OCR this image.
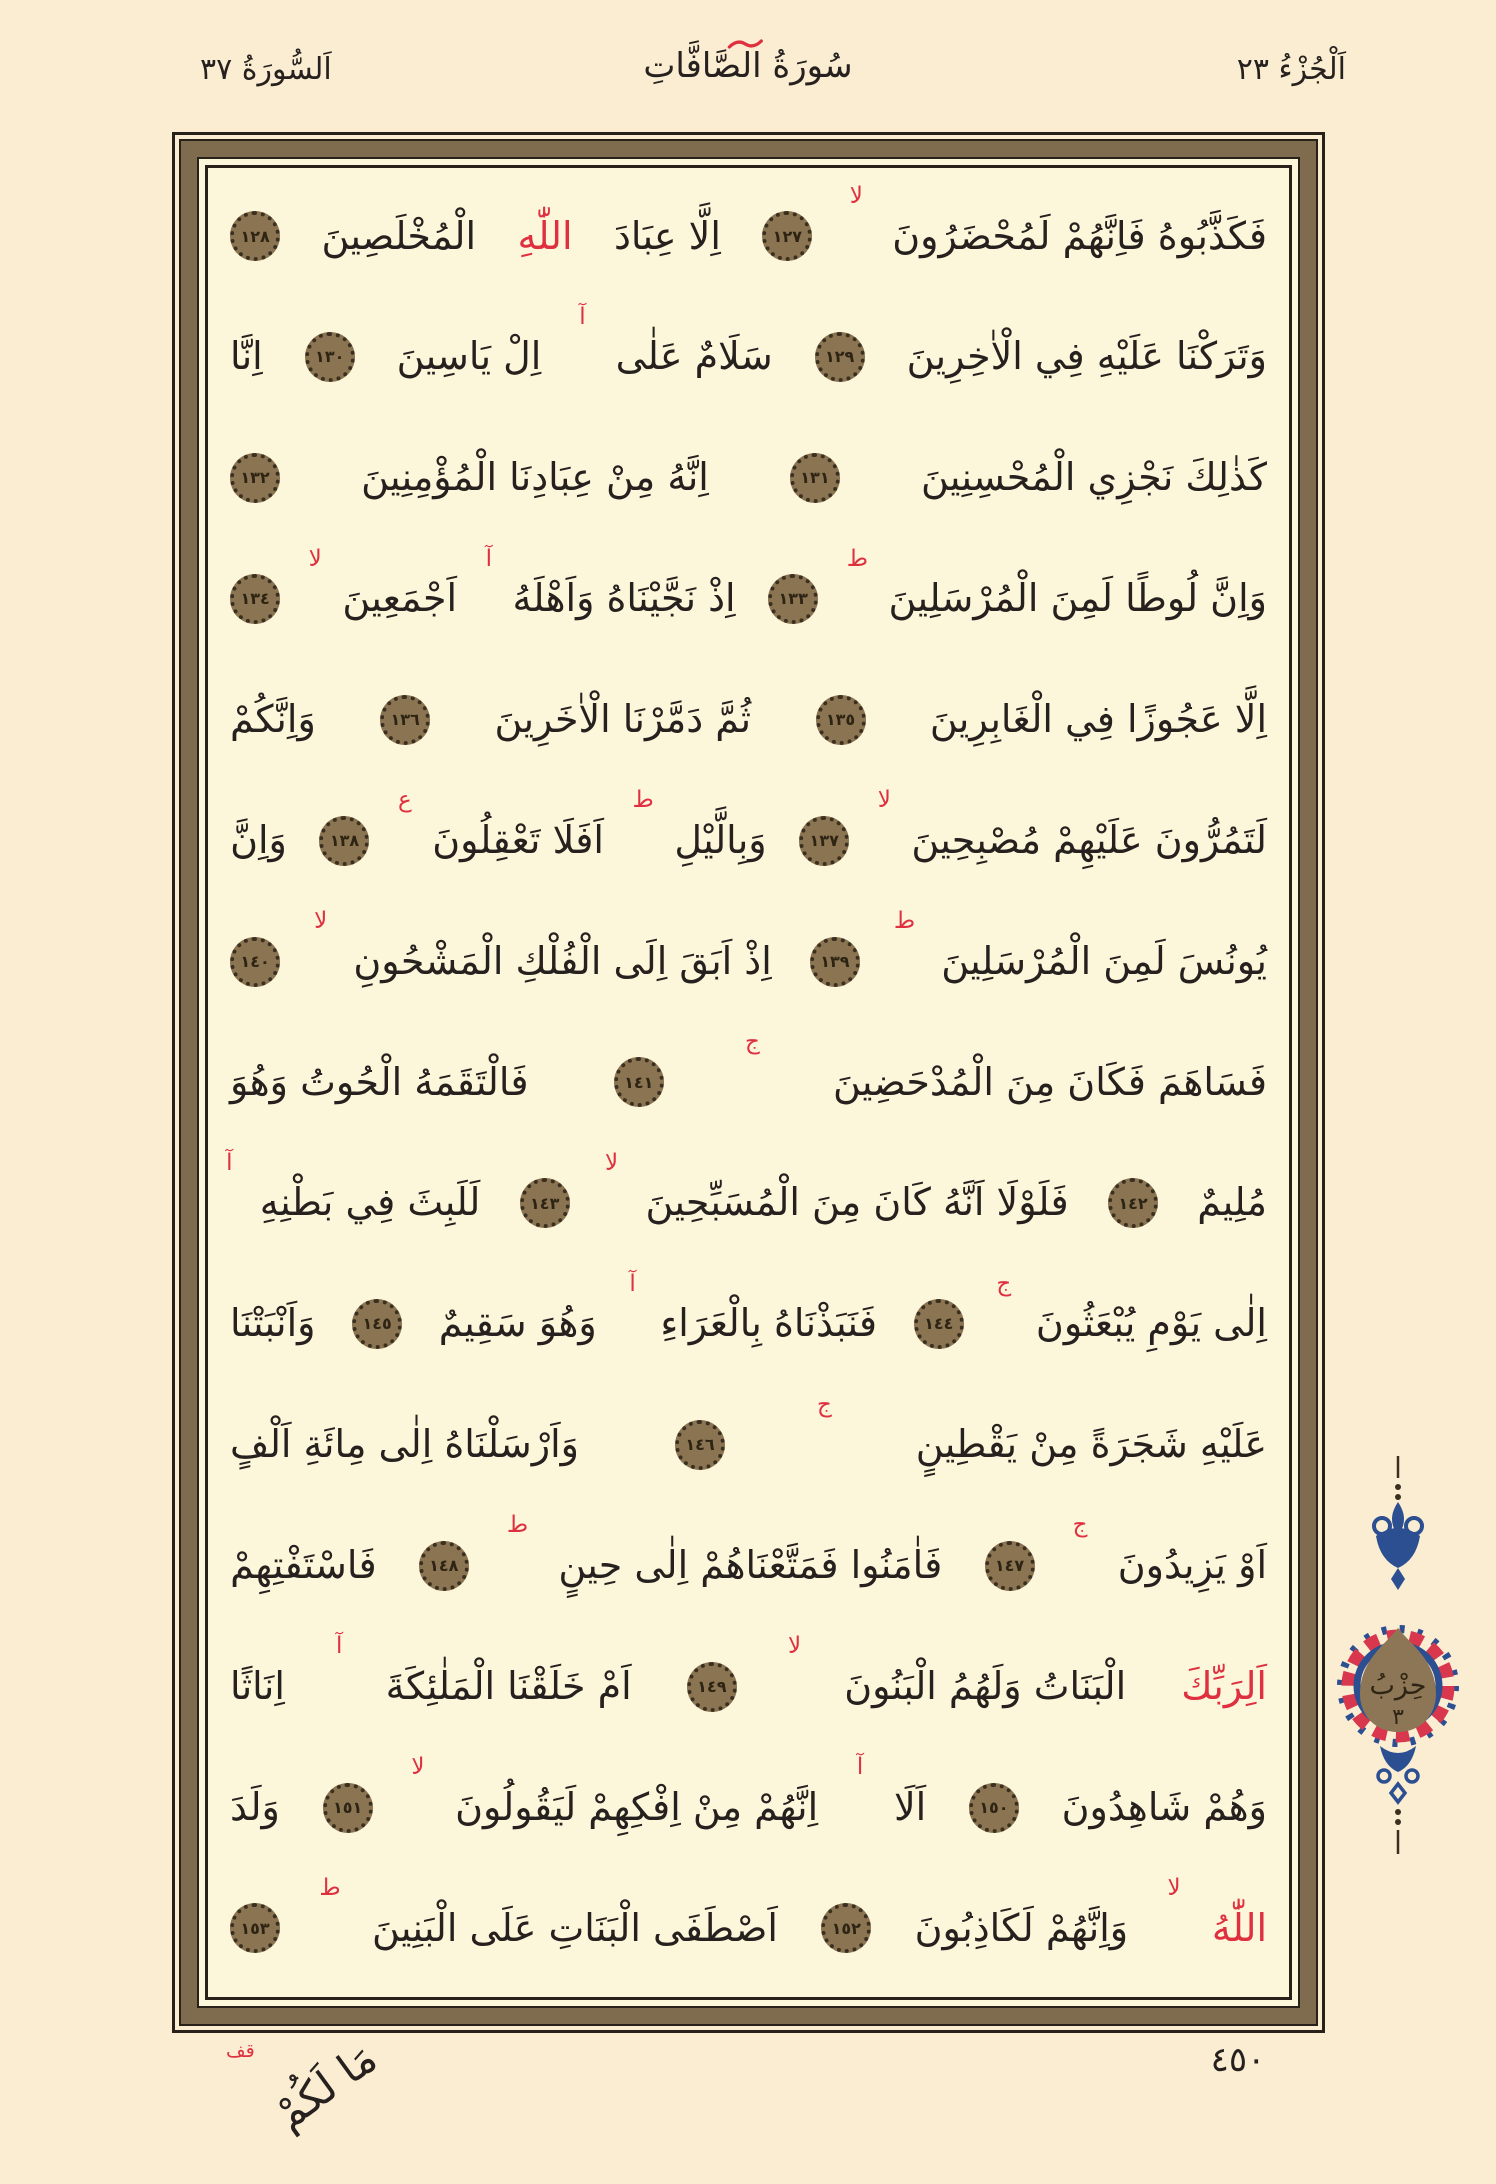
اَلسُّورَةُ ٣٧	سُورَةُ الصَّافَّاتِ	اَلْجُزْءُ ٢٣
فَكَذَّبُوهُ فَاِنَّهُمْ لَمُحْضَرُونَ
لا
١٢٧
اِلَّا عِبَادَ
اللّٰهِ
الْمُخْلَصِينَ
١٢٨
وَتَرَكْنَا عَلَيْهِ فِي الْاٰخِرِينَ
١٢٩
سَلَامٌ عَلٰى
آ
اِلْ يَاسِينَ
١٣٠
اِنَّا
كَذٰلِكَ نَجْزِي الْمُحْسِنِينَ
١٣١
اِنَّهُ مِنْ عِبَادِنَا الْمُؤْمِنِينَ
١٣٢
وَاِنَّ لُوطًا لَمِنَ الْمُرْسَلِينَ
ط
١٣٣
اِذْ نَجَّيْنَاهُ وَاَهْلَهُ
آ
اَجْمَعِينَ
لا
١٣٤
اِلَّا عَجُوزًا فِي الْغَابِرِينَ
١٣٥
ثُمَّ دَمَّرْنَا الْاٰخَرِينَ
١٣٦
وَاِنَّكُمْ
لَتَمُرُّونَ عَلَيْهِمْ مُصْبِحِينَ
لا
١٣٧
وَبِالَّيْلِ
ط
اَفَلَا تَعْقِلُونَ
ع
١٣٨
وَاِنَّ
يُونُسَ لَمِنَ الْمُرْسَلِينَ
ط
١٣٩
اِذْ اَبَقَ اِلَى الْفُلْكِ الْمَشْحُونِ
لا
١٤٠
فَسَاهَمَ فَكَانَ مِنَ الْمُدْحَضِينَ
ج
١٤١
فَالْتَقَمَهُ الْحُوتُ وَهُوَ
مُلِيمٌ
١٤٢
فَلَوْلَا اَنَّهُ كَانَ مِنَ الْمُسَبِّحِينَ
لا
١٤٣
لَلَبِثَ فِي بَطْنِهِ
آ
اِلٰى يَوْمِ يُبْعَثُونَ
ج
١٤٤
فَنَبَذْنَاهُ بِالْعَرَاءِ
آ
وَهُوَ سَقِيمٌ
١٤٥
وَاَنْبَتْنَا
عَلَيْهِ شَجَرَةً مِنْ يَقْطِينٍ
ج
١٤٦
وَاَرْسَلْنَاهُ اِلٰى مِائَةِ اَلْفٍ
اَوْ يَزِيدُونَ
ج
١٤٧
فَاٰمَنُوا فَمَتَّعْنَاهُمْ اِلٰى حِينٍ
ط
١٤٨
فَاسْتَفْتِهِمْ
اَلِرَبِّكَ
الْبَنَاتُ وَلَهُمُ الْبَنُونَ
لا
١٤٩
اَمْ خَلَقْنَا الْمَلٰئِكَةَ
آ
اِنَاثًا
وَهُمْ شَاهِدُونَ
١٥٠
اَلَا
آ
اِنَّهُمْ مِنْ اِفْكِهِمْ لَيَقُولُونَ
لا
١٥١
وَلَدَ
اللّٰهُ
لا
وَاِنَّهُمْ لَكَاذِبُونَ
١٥٢
اَصْطَفَى الْبَنَاتِ عَلَى الْبَنِينَ
ط
١٥٣
حِزْبُ
٣
٤٥٠
قف مَا لَكُمْ
